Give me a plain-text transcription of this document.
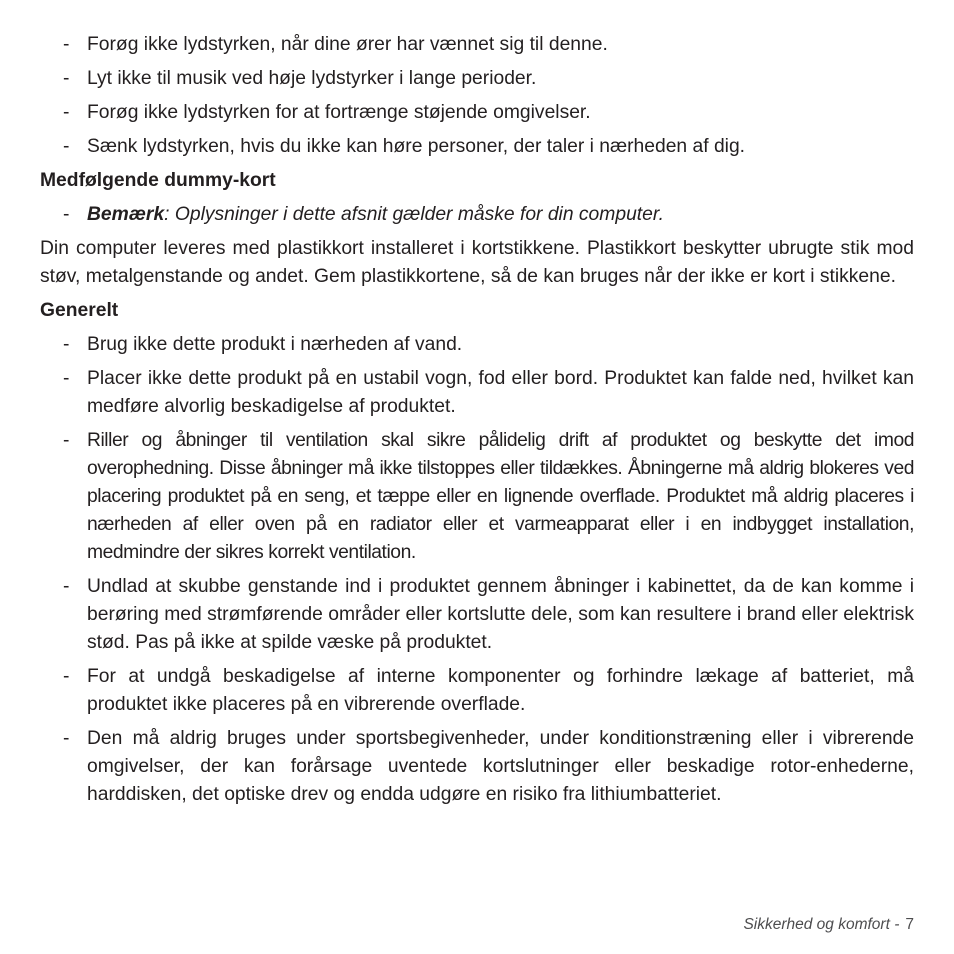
- Forøg ikke lydstyrken, når dine ører har vænnet sig til denne.
- Lyt ikke til musik ved høje lydstyrker i lange perioder.
- Forøg ikke lydstyrken for at fortrænge støjende omgivelser.
- Sænk lydstyrken, hvis du ikke kan høre personer, der taler i nærheden af dig.
Medfølgende dummy-kort
- Bemærk: Oplysninger i dette afsnit gælder måske for din computer.

Din computer leveres med plastikkort installeret i kortstikkene. Plastikkort beskytter ubrugte stik mod støv, metalgenstande og andet. Gem plastikkortene, så de kan bruges når der ikke er kort i stikkene.

Generelt
- Brug ikke dette produkt i nærheden af vand.
- Placer ikke dette produkt på en ustabil vogn, fod eller bord. Produktet kan falde ned, hvilket kan medføre alvorlig beskadigelse af produktet.
- Riller og åbninger til ventilation skal sikre pålidelig drift af produktet og beskytte det imod overophedning. Disse åbninger må ikke tilstoppes eller tildækkes. Åbningerne må aldrig blokeres ved placering produktet på en seng, et tæppe eller en lignende overflade. Produktet må aldrig placeres i nærheden af eller oven på en radiator eller et varmeapparat eller i en indbygget installation, medmindre der sikres korrekt ventilation.
- Undlad at skubbe genstande ind i produktet gennem åbninger i kabinettet, da de kan komme i berøring med strømførende områder eller kortslutte dele, som kan resultere i brand eller elektrisk stød. Pas på ikke at spilde væske på produktet.
- For at undgå beskadigelse af interne komponenter og forhindre lækage af batteriet, må produktet ikke placeres på en vibrerende overflade.
- Den må aldrig bruges under sportsbegivenheder, under konditionstræning eller i vibrerende omgivelser, der kan forårsage uventede kortslutninger eller beskadige rotor-enhederne, harddisken, det optiske drev og endda udgøre en risiko fra lithiumbatteriet.
Sikkerhed og komfort - 7
